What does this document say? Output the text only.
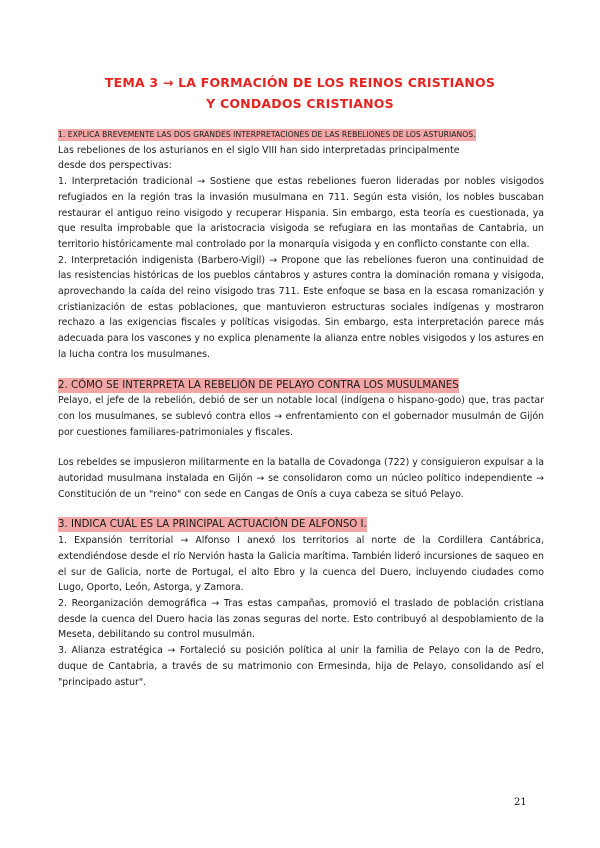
TEMA 3 → LA FORMACIÓN DE LOS REINOS CRISTIANOS
Y CONDADOS CRISTIANOS
1. EXPLICA BREVEMENTE LAS DOS GRANDES INTERPRETACIONES DE LAS REBELIONES DE LOS ASTURIANOS.

Las rebeliones de los asturianos en el siglo VIII han sido interpretadas principalmente

desde dos perspectivas:

1. Interpretación tradicional → Sostiene que estas rebeliones fueron lideradas por nobles visigodos refugiados en la región tras la invasión musulmana en 711. Según esta visión, los nobles buscaban restaurar el antiguo reino visigodo y recuperar Hispania. Sin embargo, esta teoría es cuestionada, ya que resulta improbable que la aristocracia visigoda se refugiara en las montañas de Cantabria, un territorio históricamente mal controlado por la monarquía visigoda y en conflicto constante con ella.

2. Interpretación indigenista (Barbero-Vigil) → Propone que las rebeliones fueron una continuidad de las resistencias históricas de los pueblos cántabros y astures contra la dominación romana y visigoda, aprovechando la caída del reino visigodo tras 711. Este enfoque se basa en la escasa romanización y cristianización de estas poblaciones, que mantuvieron estructuras sociales indígenas y mostraron rechazo a las exigencias fiscales y políticas visigodas. Sin embargo, esta interpretación parece más adecuada para los vascones y no explica plenamente la alianza entre nobles visigodos y los astures en la lucha contra los musulmanes.

2. CÓMO SE INTERPRETA LA REBELIÓN DE PELAYO CONTRA LOS MUSULMANES

Pelayo, el jefe de la rebelión, debió de ser un notable local (indígena o hispano-godo) que, tras pactar con los musulmanes, se sublevó contra ellos → enfrentamiento con el gobernador musulmán de Gijón por cuestiones familiares-patrimoniales y fiscales.

Los rebeldes se impusieron militarmente en la batalla de Covadonga (722) y consiguieron expulsar a la autoridad musulmana instalada en Gijón → se consolidaron como un núcleo político independiente → Constitución de un "reino" con sede en Cangas de Onís a cuya cabeza se situó Pelayo.

3. INDICA CUÁL ES LA PRINCIPAL ACTUACIÓN DE ALFONSO I.

1. Expansión territorial → Alfonso I anexó los territorios al norte de la Cordillera Cantábrica, extendiéndose desde el río Nervión hasta la Galicia marítima. También lideró incursiones de saqueo en el sur de Galicia, norte de Portugal, el alto Ebro y la cuenca del Duero, incluyendo ciudades como Lugo, Oporto, León, Astorga, y Zamora.

2. Reorganización demográfica → Tras estas campañas, promovió el traslado de población cristiana desde la cuenca del Duero hacia las zonas seguras del norte. Esto contribuyó al despoblamiento de la Meseta, debilitando su control musulmán.

3. Alianza estratégica → Fortaleció su posición política al unir la familia de Pelayo con la de Pedro, duque de Cantabria, a través de su matrimonio con Ermesinda, hija de Pelayo, consolidando así el "principado astur".

21
